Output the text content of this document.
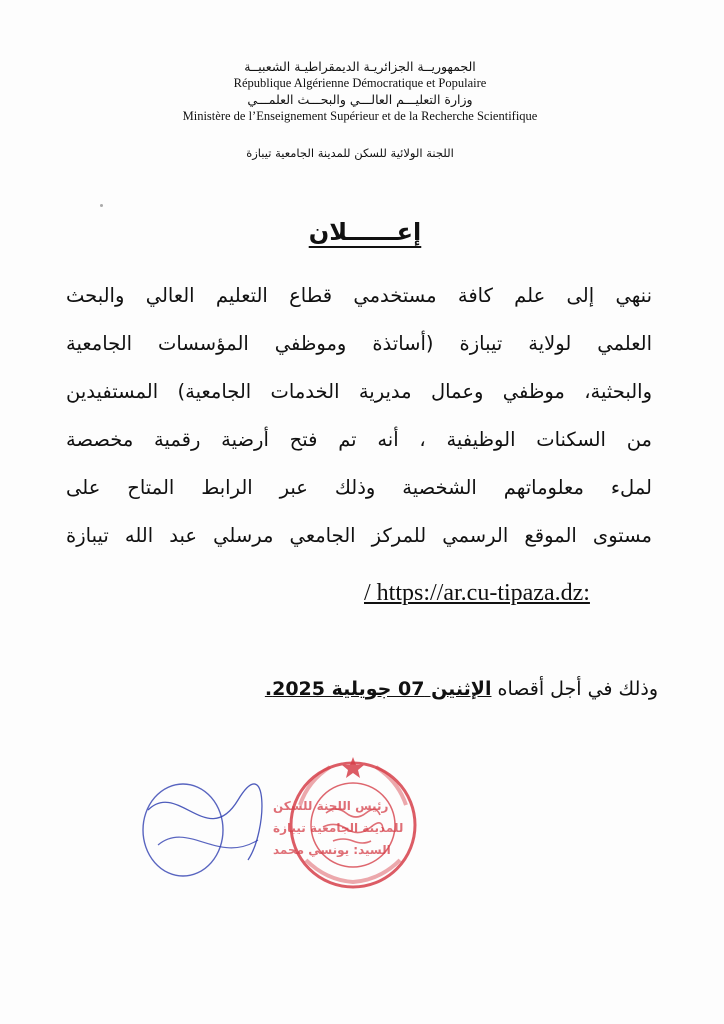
الجمهوريــة الجزائريـة الديمقراطيـة الشعبيــة
République Algérienne Démocratique et Populaire
وزارة التعليـــم العالـــي والبحـــث العلمـــي
Ministère de l’Enseignement Supérieur et de la Recherche Scientifique
اللجنة الولائية للسكن للمدينة الجامعية تيبازة
إعــــــلان
ننهي إلى علم كافة مستخدمي قطاع التعليم العالي والبحث
العلمي لولاية تيبازة (أساتذة وموظفي المؤسسات الجامعية
والبحثية، موظفي وعمال مديرية الخدمات الجامعية) المستفيدين
من السكنات الوظيفية ، أنه تم فتح أرضية رقمية مخصصة
لملء معلوماتهم الشخصية وذلك عبر الرابط المتاح على
مستوى الموقع الرسمي للمركز الجامعي مرسلي عبد الله تيبازة
/ https://ar.cu-tipaza.dz:
وذلك في أجل أقصاه الإثنين 07 جويلية 2025.
رئيس اللجنة للسكن
للمدينة الجامعية تيبازة
السيد: يونسي محمد
